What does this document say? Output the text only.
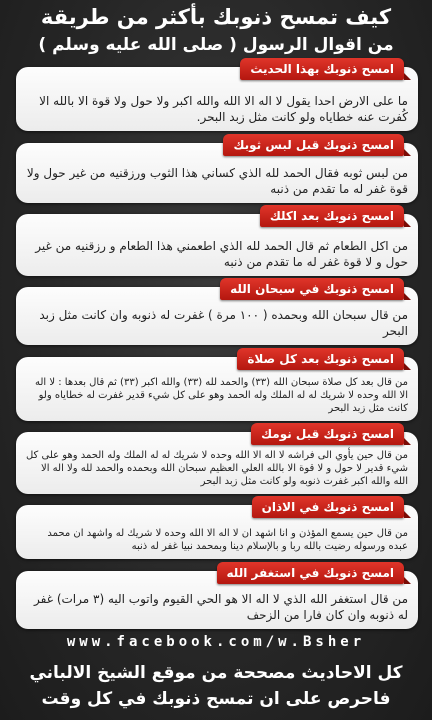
كيف تمسح ذنوبك بأكثر من طريقة
من اقوال الرسول ( صلى الله عليه وسلم )
امسح ذنوبك بهذا الحديث
ما على الارض احدا يقول لا اله الا الله والله اكبر ولا حول ولا قوة الا بالله الا كُفرت عنه خطاياه ولو كانت مثل زبد البحر.
امسح ذنوبك قبل لبس ثوبك
من لبس ثوبه فقال الحمد لله الذي كساني هذا الثوب ورزقنيه من غير حول ولا قوة غفر له ما تقدم من ذنبه
امسح ذنوبك بعد اكلك
من اكل الطعام ثم قال الحمد لله الذي اطعمني هذا الطعام و رزقنيه من غير حول و لا قوة غفر له ما تقدم من ذنبه
امسح ذنوبك في سبحان الله
من قال سبحان الله وبحمده ( ١٠٠ مرة ) غفرت له ذنوبه وان كانت مثل زبد البحر
امسح ذنوبك بعد كل صلاة
من قال بعد كل صلاة سبحان الله (٣٣) والحمد لله (٣٣) والله اكبر (٣٣) ثم قال بعدها : لا اله الا الله وحده لا شريك له له الملك وله الحمد وهو على كل شيء قدير غفرت له خطاياه ولو كانت مثل زبد البحر
امسح ذنوبك قبل نومك
من قال حين يأوي الى فراشه لا اله الا الله وحده لا شريك له له الملك وله الحمد وهو على كل شيء قدير لا حول و لا قوة الا بالله العلي العظيم سبحان الله وبحمده والحمد لله ولا اله الا الله والله اكبر غفرت ذنوبه ولو كانت مثل زبد البحر
امسح ذنوبك في الاذان
من قال حين يسمع المؤذن و انا اشهد ان لا اله الا الله وحده لا شريك له واشهد ان محمد عبده ورسوله رضيت بالله ربا و بالإسلام دينا وبمحمد نبيا غفر له ذنبه
امسح ذنوبك في استغفر الله
من قال استغفر الله الذي لا اله الا هو الحي القيوم واتوب اليه (٣ مرات) غفر له ذنوبه وان كان فارا من الزحف
www.facebook.com/w.Bsher
كل الاحاديث مصححة من موقع الشيخ الالباني
فاحرص على ان تمسح ذنوبك في كل وقت
